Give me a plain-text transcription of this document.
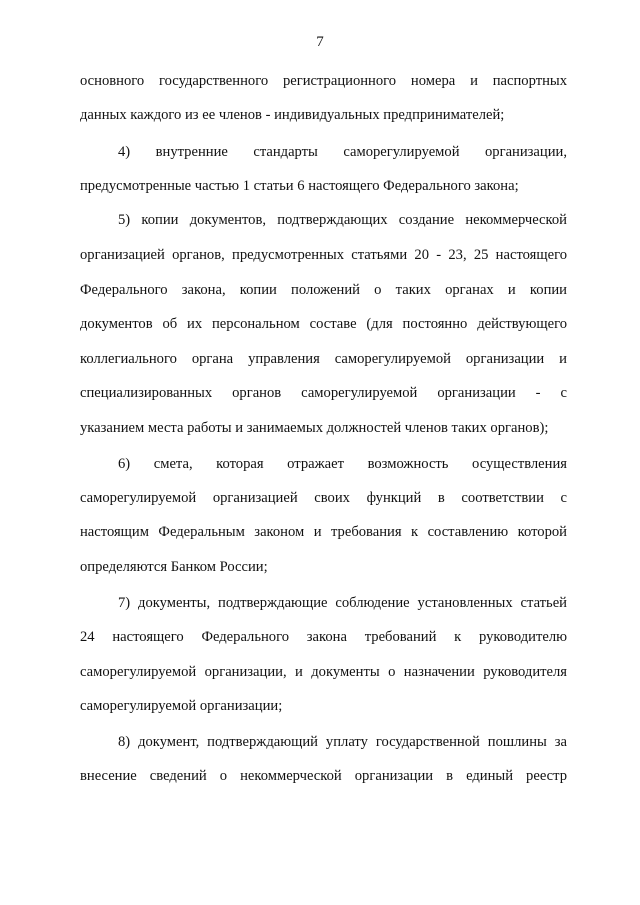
7
основного государственного регистрационного номера и паспортных
данных каждого из ее членов - индивидуальных предпринимателей;
4) внутренние стандарты саморегулируемой организации,
предусмотренные частью 1 статьи 6 настоящего Федерального закона;
5) копии документов, подтверждающих создание некоммерческой
организацией органов, предусмотренных статьями 20 - 23, 25 настоящего
Федерального закона, копии положений о таких органах и копии
документов об их персональном составе (для постоянно действующего
коллегиального органа управления саморегулируемой организации и
специализированных органов саморегулируемой организации - с
указанием места работы и занимаемых должностей членов таких органов);
6) смета, которая отражает возможность осуществления
саморегулируемой организацией своих функций в соответствии с
настоящим Федеральным законом и требования к составлению которой
определяются Банком России;
7) документы, подтверждающие соблюдение установленных статьей
24 настоящего Федерального закона требований к руководителю
саморегулируемой организации, и документы о назначении руководителя
саморегулируемой организации;
8) документ, подтверждающий уплату государственной пошлины за
внесение сведений о некоммерческой организации в единый реестр
